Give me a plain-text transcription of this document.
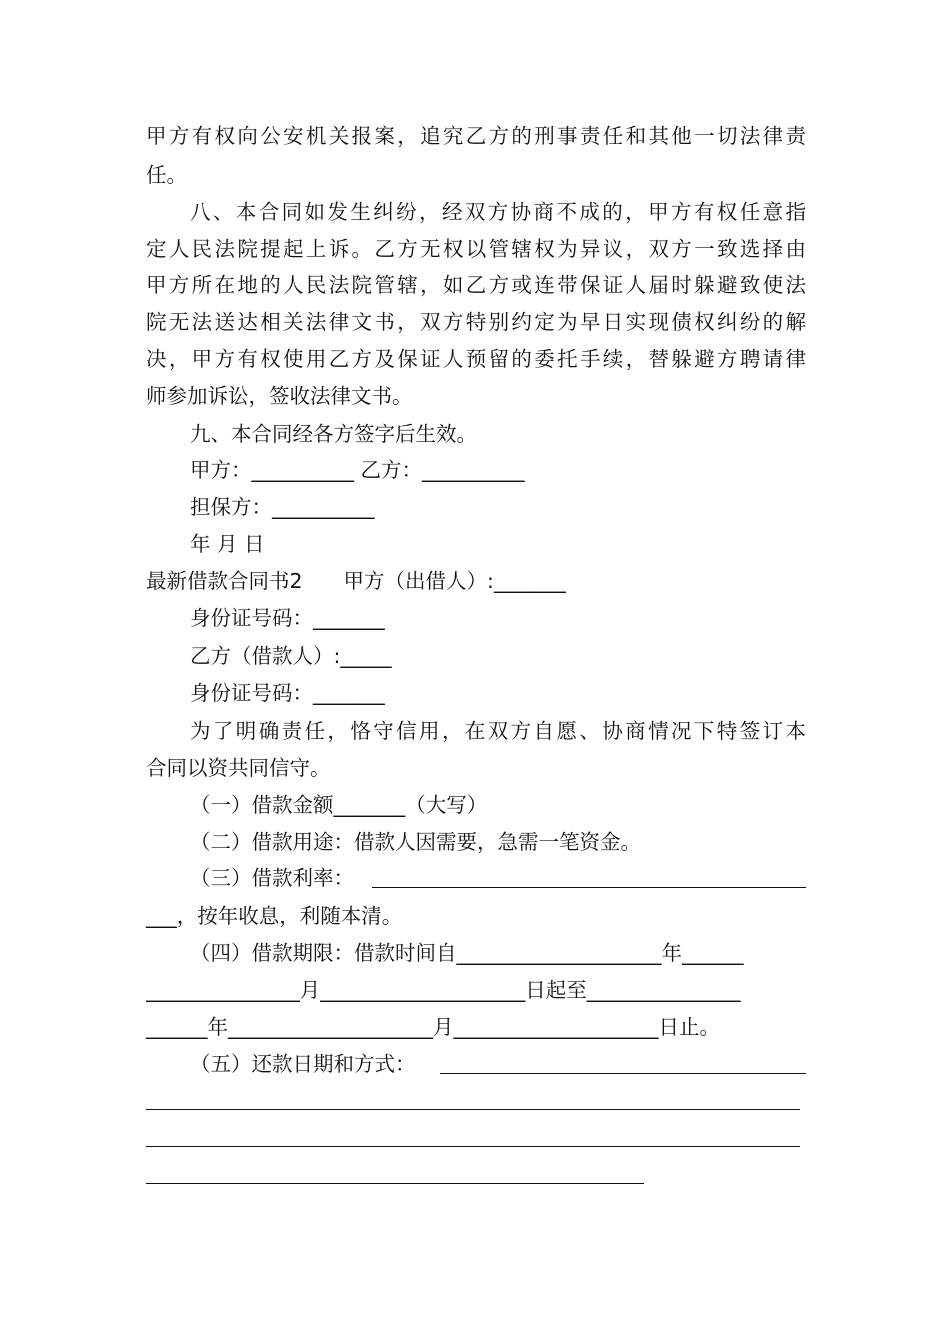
甲方有权向公安机关报案，追究乙方的刑事责任和其他一切法律责
任。
八、本合同如发生纠纷，经双方协商不成的，甲方有权任意指
定人民法院提起上诉。乙方无权以管辖权为异议，双方一致选择由
甲方所在地的人民法院管辖，如乙方或连带保证人届时躲避致使法
院无法送达相关法律文书，双方特别约定为早日实现债权纠纷的解
决，甲方有权使用乙方及保证人预留的委托手续，替躲避方聘请律
师参加诉讼，签收法律文书。
九、本合同经各方签字后生效。
甲方：__________ 乙方：__________
担保方：__________
年 月 日
最新借款合同书2　　甲方（出借人）:_______
身份证号码：_______
乙方（借款人）:_____
身份证号码：_______
为了明确责任，恪守信用，在双方自愿、协商情况下特签订本
合同以资共同信守。
（一）借款金额_______（大写）
（二）借款用途：借款人因需要，急需一笔资金。
（三）借款利率：
___，按年收息，利随本清。
（四）借款期限：借款时间自____________________年______
_______________月____________________日起至_______________
______年____________________月____________________日止。
（五）还款日期和方式：
